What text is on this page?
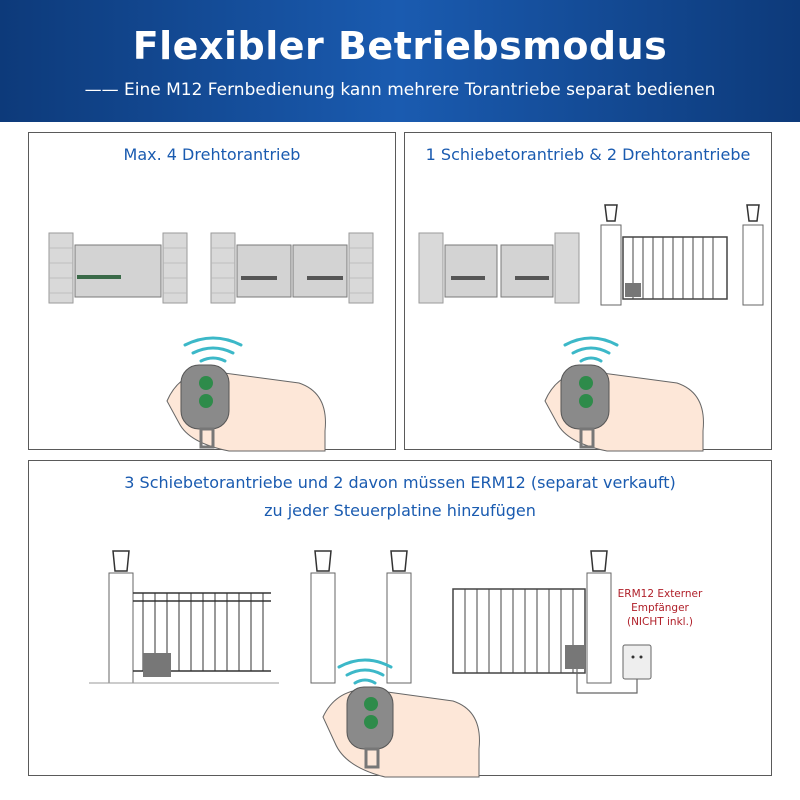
Flexibler Betriebsmodus
—— Eine M12 Fernbedienung kann mehrere Torantriebe separat bedienen
Max. 4 Drehtorantrieb	1 Schiebetorantrieb & 2 Drehtorantriebe
3 Schiebetorantriebe und 2 davon müssen ERM12 (separat verkauft)
zu jeder Steuerplatine hinzufügen
ERM12 Externer
Empfänger
(NICHT inkl.)
